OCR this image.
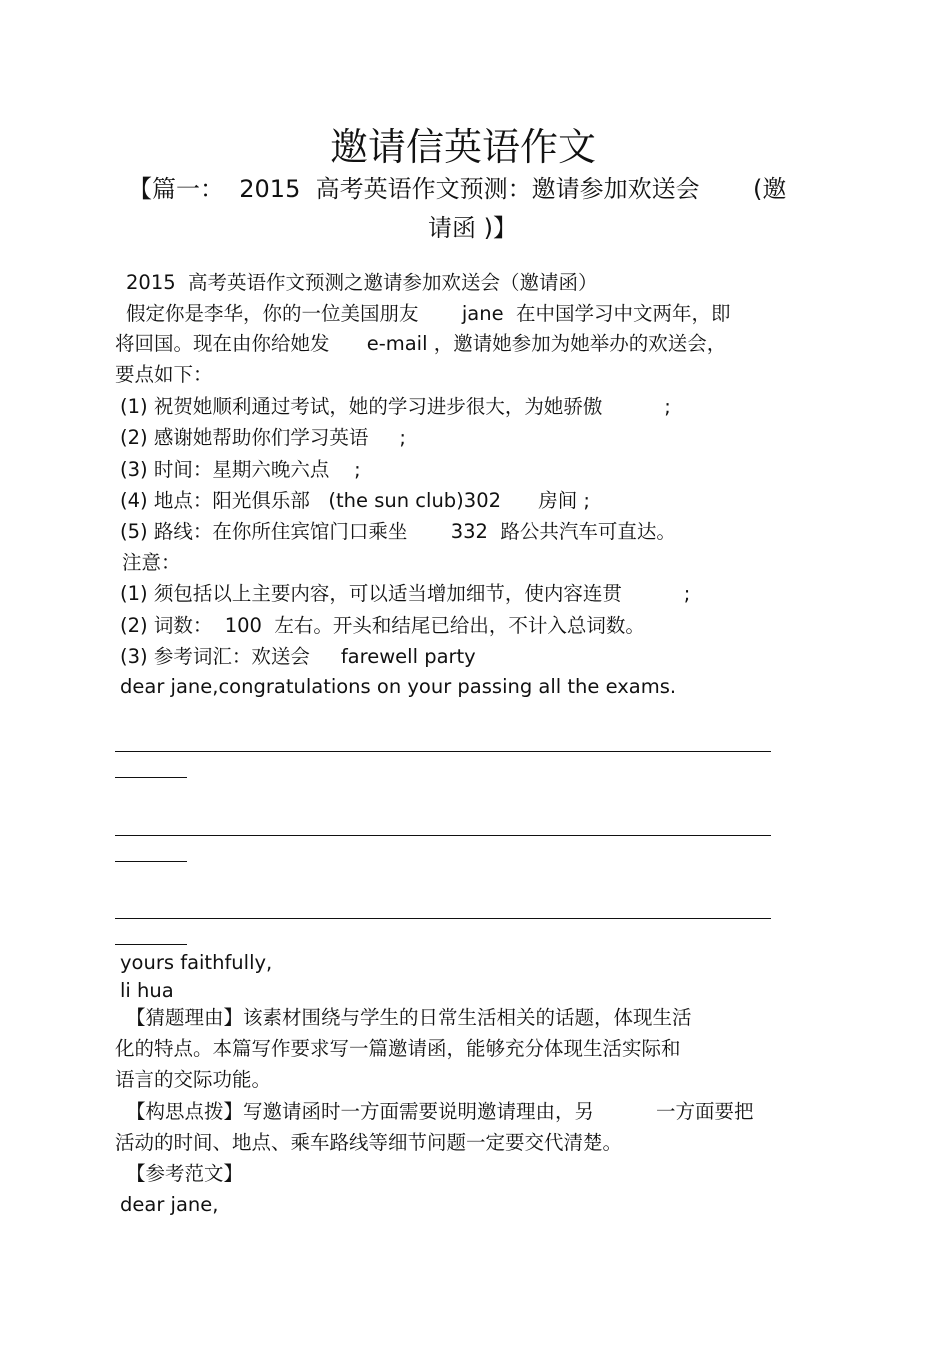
邀请信英语作文
【篇一：  2015  高考英语作文预测：邀请参加欢送会       (邀
请函 )】
2015  高考英语作文预测之邀请参加欢送会（邀请函）
假定你是李华，你的一位美国朋友       jane  在中国学习中文两年，即
将回国。现在由你给她发      e-mail ，邀请她参加为她举办的欢送会，
要点如下：
(1) 祝贺她顺利通过考试，她的学习进步很大，为她骄傲          ;
(2) 感谢她帮助你们学习英语     ;
(3) 时间：星期六晚六点    ;
(4) 地点：阳光俱乐部   (the sun club)302      房间 ;
(5) 路线：在你所住宾馆门口乘坐       332  路公共汽车可直达。
注意：
(1) 须包括以上主要内容，可以适当增加细节，使内容连贯          ;
(2) 词数：  100  左右。开头和结尾已给出，不计入总词数。
(3) 参考词汇：欢送会     farewell party
dear jane,congratulations on your passing all the exams.
yours faithfully,
li hua
【猜题理由】该素材围绕与学生的日常生活相关的话题，体现生活
化的特点。本篇写作要求写一篇邀请函，能够充分体现生活实际和
语言的交际功能。
【构思点拨】写邀请函时一方面需要说明邀请理由，另          一方面要把
活动的时间、地点、乘车路线等细节问题一定要交代清楚。
【参考范文】
dear jane,
